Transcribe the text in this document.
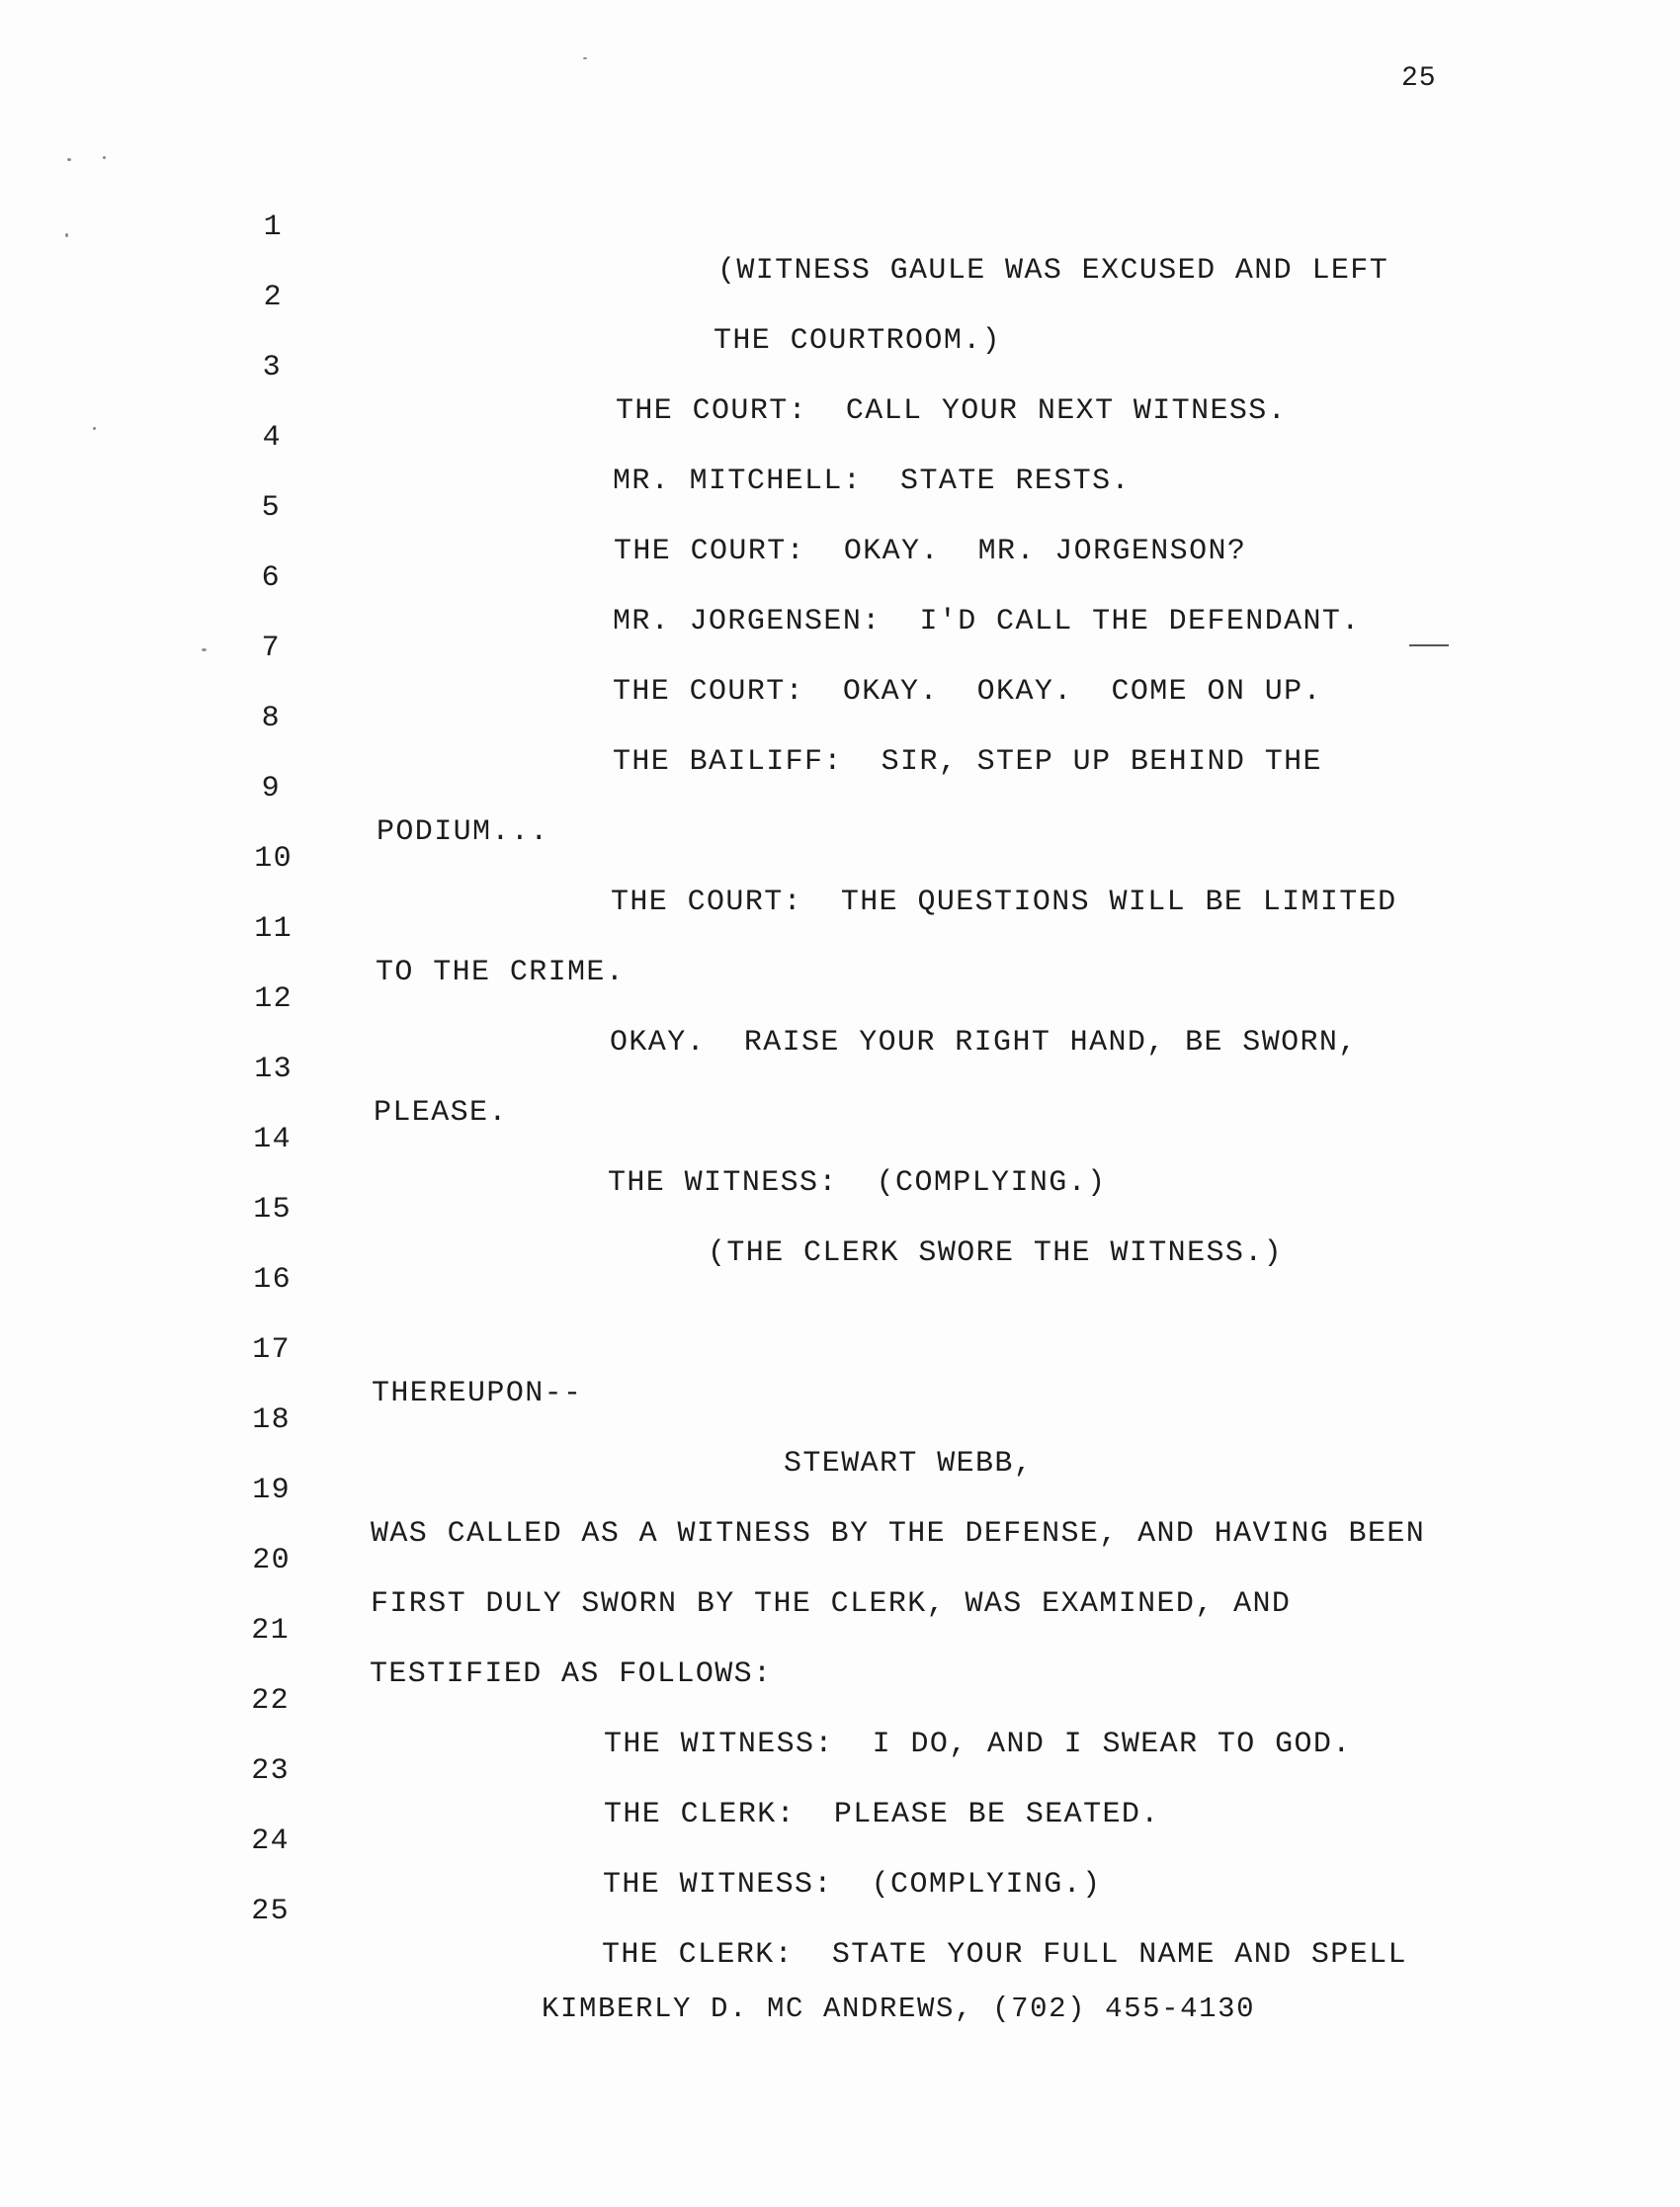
25

1

(WITNESS GAULE WAS EXCUSED AND LEFT

2

THE COURTROOM.)

3

THE COURT:  CALL YOUR NEXT WITNESS.

4

MR. MITCHELL:  STATE RESTS.

5

THE COURT:  OKAY.  MR. JORGENSON?

6

MR. JORGENSEN:  I'D CALL THE DEFENDANT.

7

THE COURT:  OKAY.  OKAY.  COME ON UP.

8

THE BAILIFF:  SIR, STEP UP BEHIND THE

9

PODIUM...

10

THE COURT:  THE QUESTIONS WILL BE LIMITED

11

TO THE CRIME.

12

OKAY.  RAISE YOUR RIGHT HAND, BE SWORN,

13

PLEASE.

14

THE WITNESS:  (COMPLYING.)

15

(THE CLERK SWORE THE WITNESS.)

16

17

THEREUPON--

18

STEWART WEBB,

19

WAS CALLED AS A WITNESS BY THE DEFENSE, AND HAVING BEEN

20

FIRST DULY SWORN BY THE CLERK, WAS EXAMINED, AND

21

TESTIFIED AS FOLLOWS:

22

THE WITNESS:  I DO, AND I SWEAR TO GOD.

23

THE CLERK:  PLEASE BE SEATED.

24

THE WITNESS:  (COMPLYING.)

25

THE CLERK:  STATE YOUR FULL NAME AND SPELL

KIMBERLY D. MC ANDREWS, (702) 455-4130
